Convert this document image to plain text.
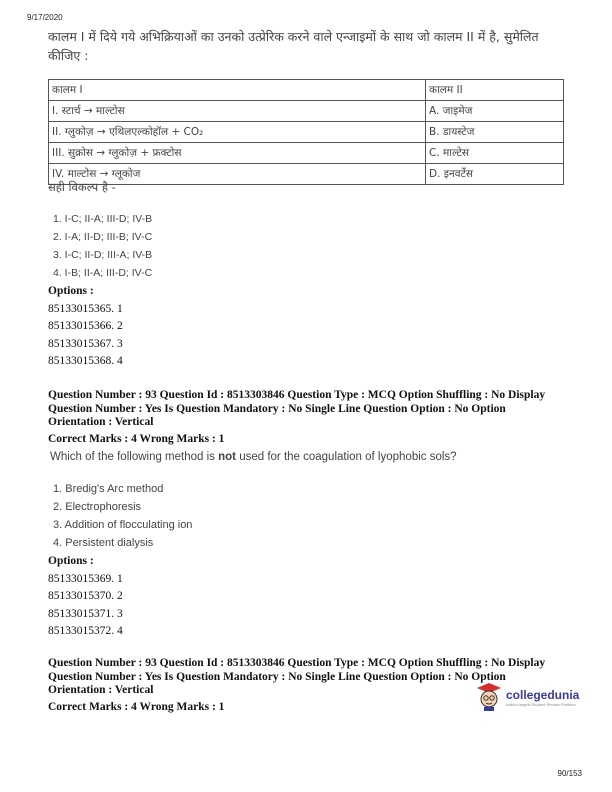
9/17/2020
कालम I में दिये गये अभिक्रियाओं का उनको उत्प्रेरिक करने वाले एन्जाइमों के साथ जो कालम II में है, सुमेलित
कीजिए :
कालम I	कालम II
I. स्टार्च → माल्टोस	A. जाइमेज
II. ग्लुकोज़ → एथिलएल्कोहॉल + CO₂	B. डायस्टेज
III. सुक्रोस → ग्लुकोज़ + फ्रक्टोस	C. माल्टेस
IV. माल्टोस → ग्लूकोज	D. इनवर्टेस
सही विकल्प है -
1. I-C; II-A; III-D; IV-B
2. I-A; II-D; III-B; IV-C
3. I-C; II-D; III-A; IV-B
4. I-B; II-A; III-D; IV-C
Options :
85133015365. 1
85133015366. 2
85133015367. 3
85133015368. 4
Question Number : 93 Question Id : 8513303846 Question Type : MCQ Option Shuffling : No Display
Question Number : Yes Is Question Mandatory : No Single Line Question Option : No Option
Orientation : Vertical
Correct Marks : 4 Wrong Marks : 1
Which of the following method is not used for the coagulation of lyophobic sols?
1. Bredig's Arc method
2. Electrophoresis
3. Addition of flocculating ion
4. Persistent dialysis
Options :
85133015369. 1
85133015370. 2
85133015371. 3
85133015372. 4
Question Number : 93 Question Id : 8513303846 Question Type : MCQ Option Shuffling : No Display
Question Number : Yes Is Question Mandatory : No Single Line Question Option : No Option
Orientation : Vertical
Correct Marks : 4 Wrong Marks : 1
collegedunia
India's largest Student Review Platform
90/153
